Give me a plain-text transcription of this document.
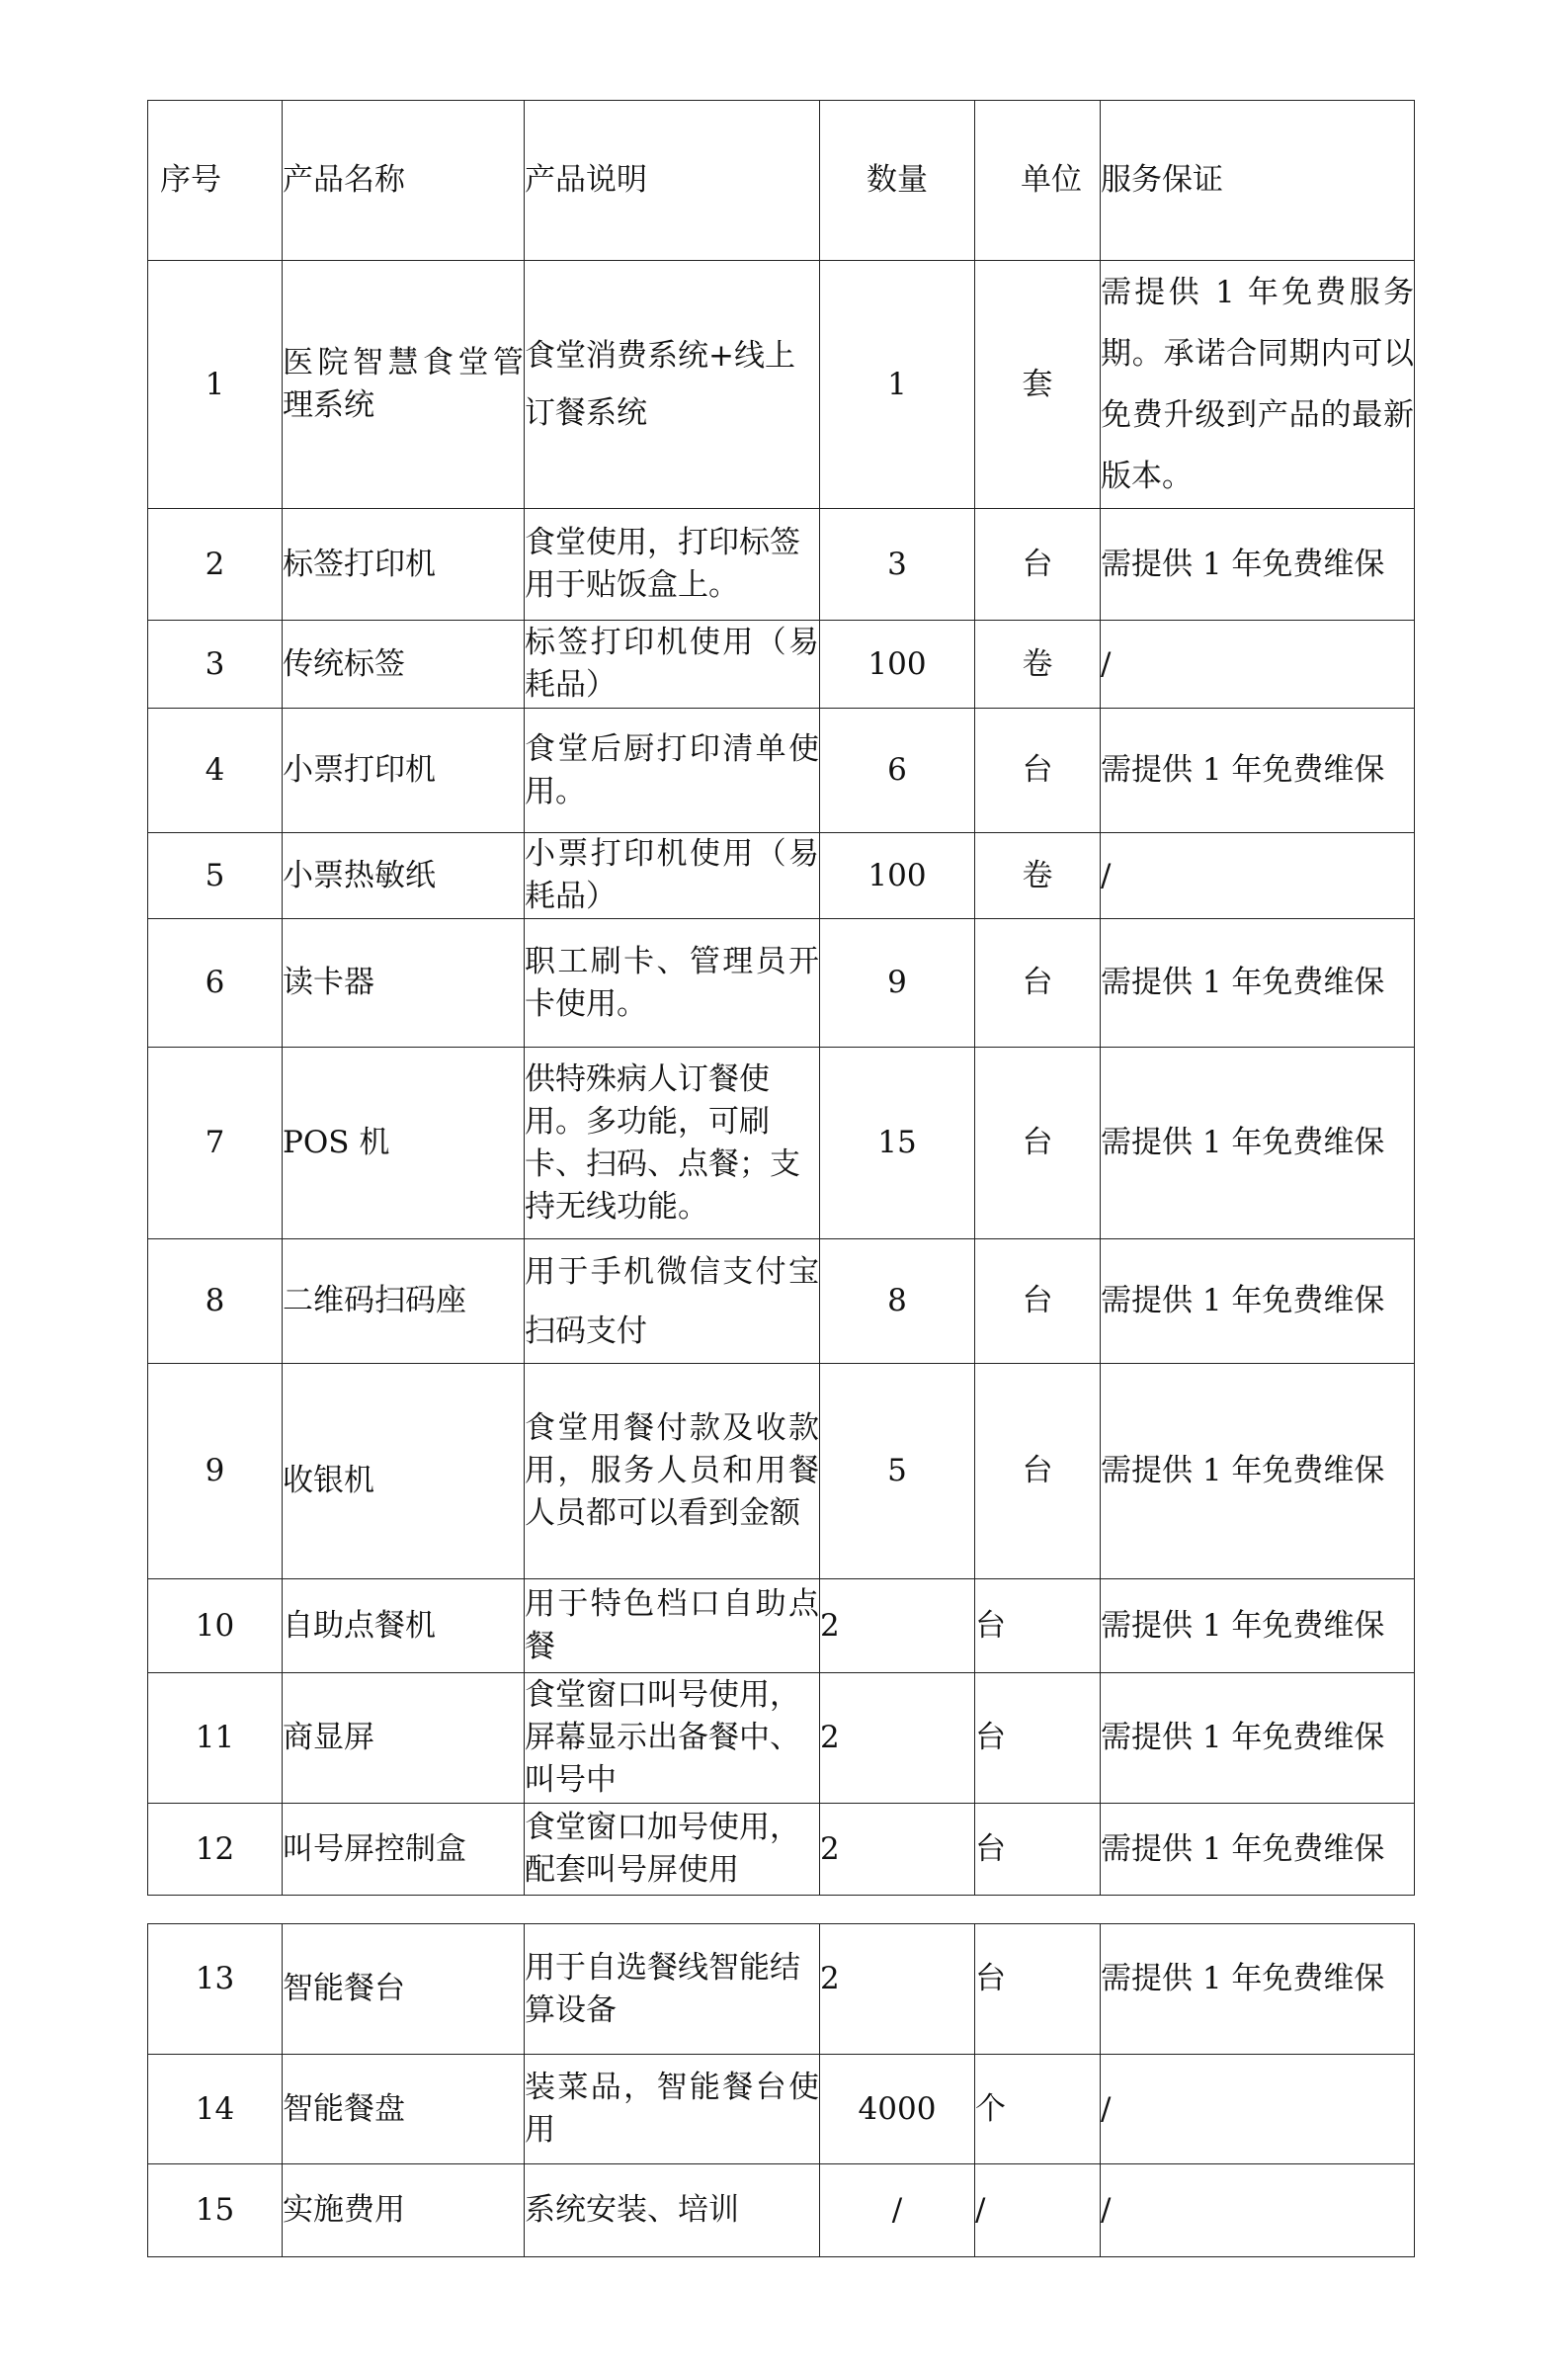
序号	产品名称	产品说明	数量	单位	服务保证

1	医院智慧食堂管理系统	食堂消费系统+线上订餐系统	1	套	需提供 1 年免费服务期。承诺合同期内可以免费升级到产品的最新版本。

2	标签打印机	食堂使用，打印标签用于贴饭盒上。	3	台	需提供 1 年免费维保

3	传统标签	标签打印机使用（易耗品）	100	卷	/

4	小票打印机	食堂后厨打印清单使用。	6	台	需提供 1 年免费维保

5	小票热敏纸	小票打印机使用（易耗品）	100	卷	/

6	读卡器	职工刷卡、管理员开卡使用。	9	台	需提供 1 年免费维保

7	POS 机	供特殊病人订餐使用。多功能，可刷卡、扫码、点餐；支持无线功能。	15	台	需提供 1 年免费维保

8	二维码扫码座	用于手机微信支付宝扫码支付	8	台	需提供 1 年免费维保

9	收银机	食堂用餐付款及收款用，服务人员和用餐人员都可以看到金额	5	台	需提供 1 年免费维保

10	自助点餐机	用于特色档口自助点餐	2	台	需提供 1 年免费维保

11	商显屏	食堂窗口叫号使用，屏幕显示出备餐中、叫号中	2	台	需提供 1 年免费维保

12	叫号屏控制盒	食堂窗口加号使用，配套叫号屏使用	2	台	需提供 1 年免费维保
13	智能餐台	用于自选餐线智能结算设备	2	台	需提供 1 年免费维保

14	智能餐盘	装菜品，智能餐台使用	4000	个	/

15	实施费用	系统安装、培训	/	/	/
